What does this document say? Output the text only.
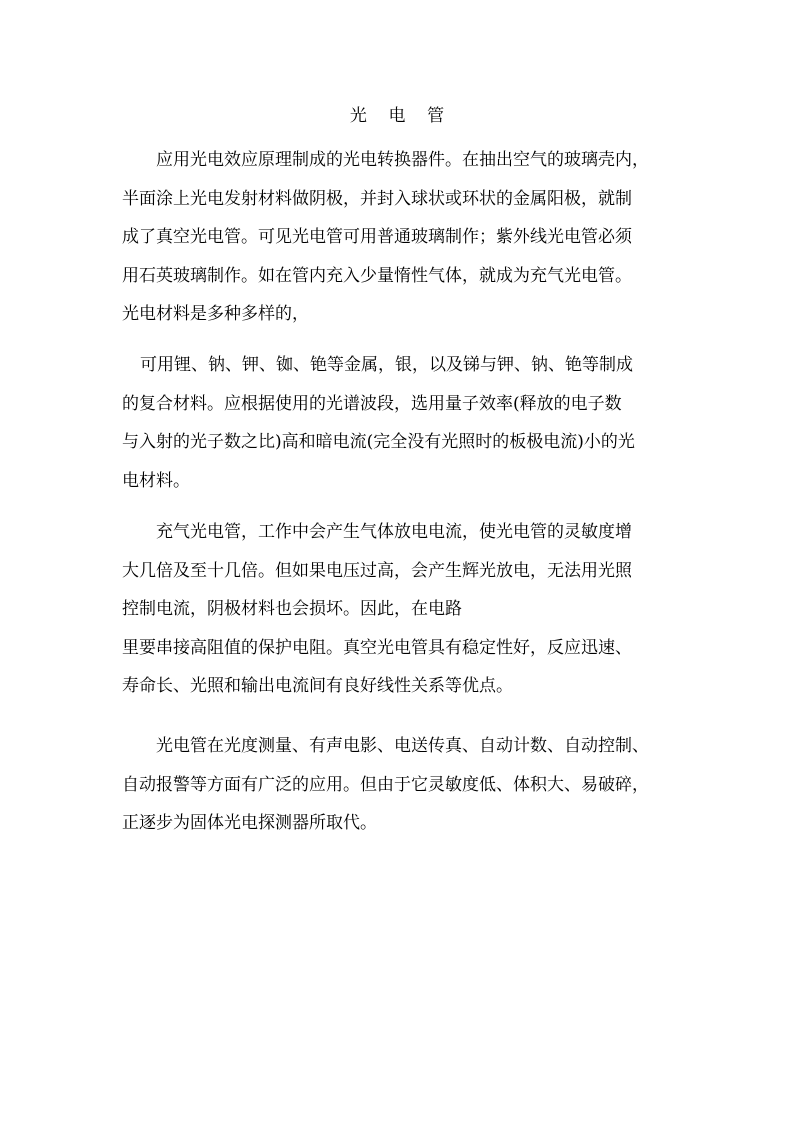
光    电    管
应用光电效应原理制成的光电转换器件。在抽出空气的玻璃壳内，
半面涂上光电发射材料做阴极，并封入球状或环状的金属阳极，就制
成了真空光电管。可见光电管可用普通玻璃制作；紫外线光电管必须
用石英玻璃制作。如在管内充入少量惰性气体，就成为充气光电管。
光电材料是多种多样的，
可用锂、钠、钾、铷、铯等金属，银，以及锑与钾、钠、铯等制成
的复合材料。应根据使用的光谱波段，选用量子效率(释放的电子数
与入射的光子数之比)高和暗电流(完全没有光照时的板极电流)小的光
电材料。
充气光电管，工作中会产生气体放电电流，使光电管的灵敏度增
大几倍及至十几倍。但如果电压过高，会产生辉光放电，无法用光照
控制电流，阴极材料也会损坏。因此，在电路
里要串接高阻值的保护电阻。真空光电管具有稳定性好，反应迅速、
寿命长、光照和输出电流间有良好线性关系等优点。
光电管在光度测量、有声电影、电送传真、自动计数、自动控制、
自动报警等方面有广泛的应用。但由于它灵敏度低、体积大、易破碎，
正逐步为固体光电探测器所取代。
